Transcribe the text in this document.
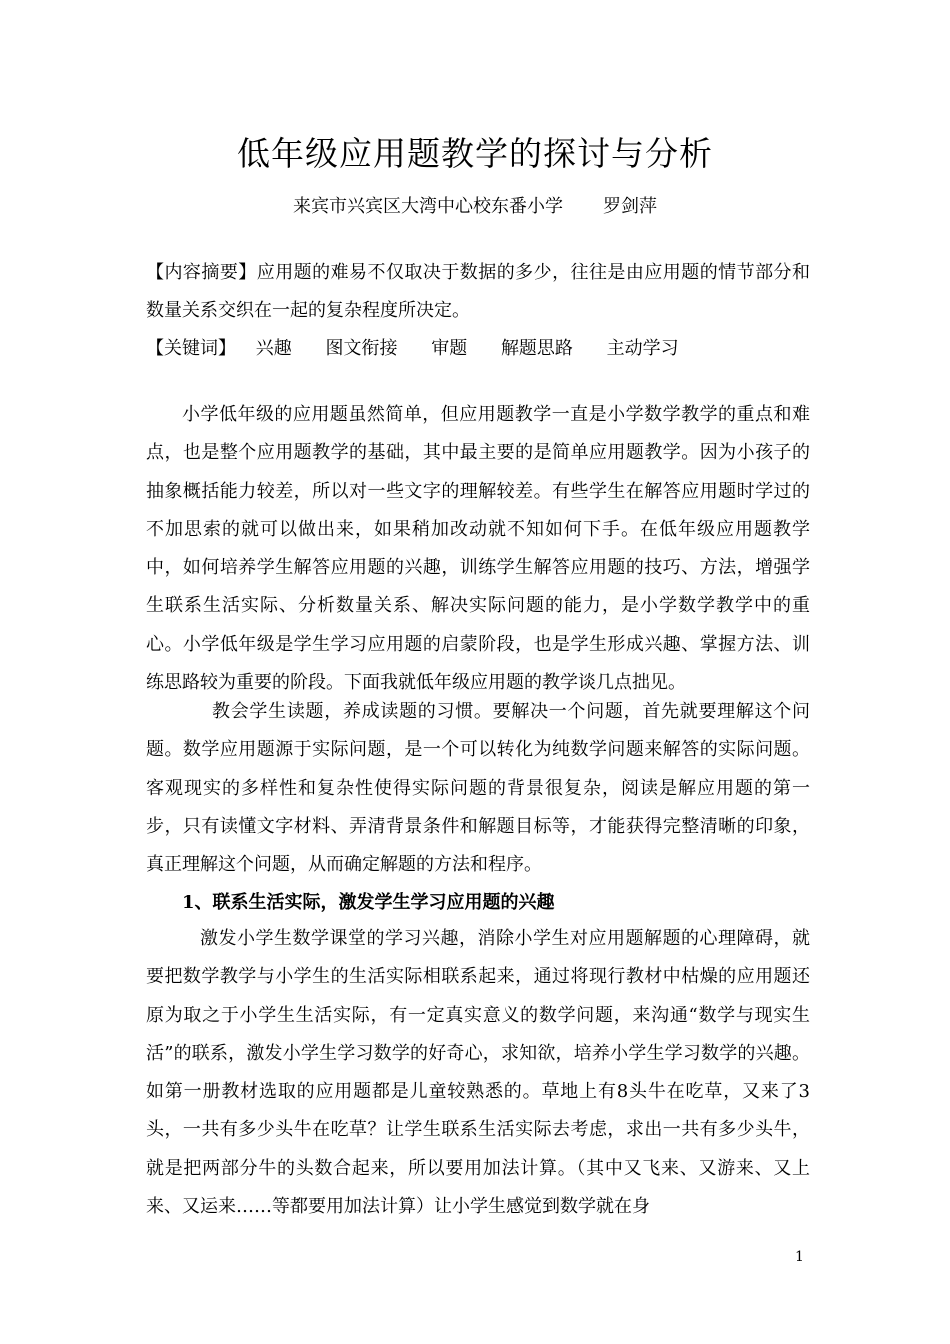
低年级应用题教学的探讨与分析
来宾市兴宾区大湾中心校东番小学 罗剑萍
【内容摘要】应用题的难易不仅取决于数据的多少，往往是由应用题的情节部分和数量关系交织在一起的复杂程度所决定。
【关键词】 兴趣 图文衔接 审题 解题思路 主动学习
小学低年级的应用题虽然简单，但应用题教学一直是小学数学教学的重点和难点，也是整个应用题教学的基础，其中最主要的是简单应用题教学。因为小孩子的抽象概括能力较差，所以对一些文字的理解较差。有些学生在解答应用题时学过的不加思索的就可以做出来，如果稍加改动就不知如何下手。在低年级应用题教学中，如何培养学生解答应用题的兴趣，训练学生解答应用题的技巧、方法，增强学生联系生活实际、分析数量关系、解决实际问题的能力，是小学数学教学中的重心。小学低年级是学生学习应用题的启蒙阶段，也是学生形成兴趣、掌握方法、训练思路较为重要的阶段。下面我就低年级应用题的教学谈几点拙见。
教会学生读题，养成读题的习惯。要解决一个问题，首先就要理解这个问题。数学应用题源于实际问题，是一个可以转化为纯数学问题来解答的实际问题。客观现实的多样性和复杂性使得实际问题的背景很复杂，阅读是解应用题的第一步，只有读懂文字材料、弄清背景条件和解题目标等，才能获得完整清晰的印象，真正理解这个问题，从而确定解题的方法和程序。
1、联系生活实际，激发学生学习应用题的兴趣
激发小学生数学课堂的学习兴趣，消除小学生对应用题解题的心理障碍，就要把数学教学与小学生的生活实际相联系起来，通过将现行教材中枯燥的应用题还原为取之于小学生生活实际，有一定真实意义的数学问题，来沟通“数学与现实生活”的联系，激发小学生学习数学的好奇心，求知欲，培养小学生学习数学的兴趣。如第一册教材选取的应用题都是儿童较熟悉的。草地上有8头牛在吃草，又来了3头，一共有多少头牛在吃草？让学生联系生活实际去考虑，求出一共有多少头牛，就是把两部分牛的头数合起来，所以要用加法计算。（其中又飞来、又游来、又上来、又运来……等都要用加法计算）让小学生感觉到数学就在身
1
